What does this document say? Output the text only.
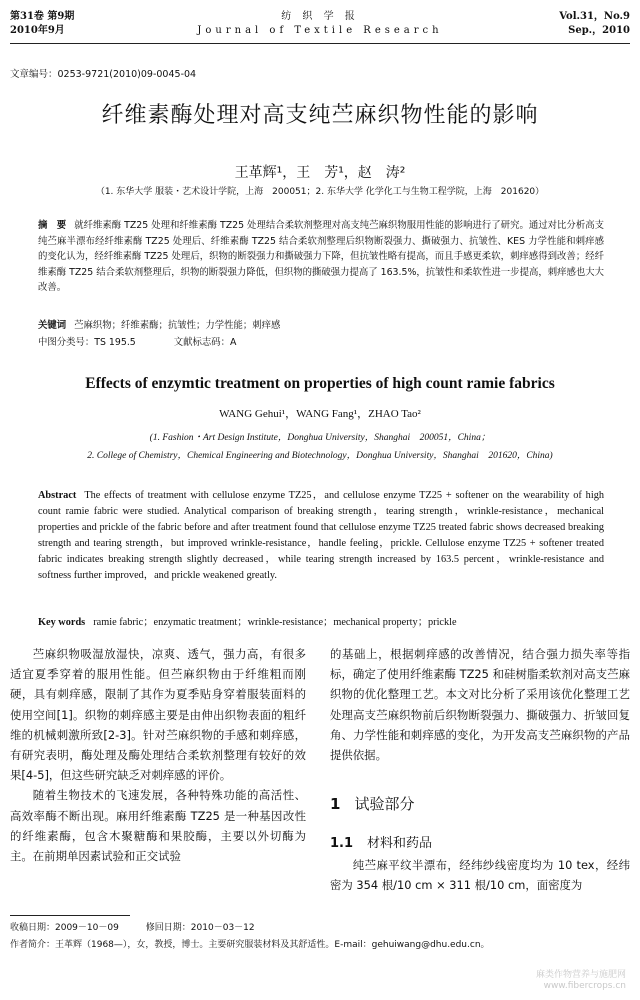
第31卷 第9期
2010年9月
纺 织 学 报
Journal of Textile Research
Vol.31，No.9
Sep.，2010
文章编号：0253-9721(2010)09-0045-04
纤维素酶处理对高支纯苎麻织物性能的影响
王革辉¹，王　芳¹，赵　涛²
（1. 东华大学 服装・艺术设计学院，上海　200051；2. 东华大学 化学化工与生物工程学院，上海　201620）
摘　要 就纤维素酶 TZ25 处理和纤维素酶 TZ25 处理结合柔软剂整理对高支纯苎麻织物服用性能的影响进行了研究。通过对比分析高支纯苎麻半漂布经纤维素酶 TZ25 处理后、纤维素酶 TZ25 结合柔软剂整理后织物断裂强力、撕破强力、抗皱性、KES 力学性能和刺痒感的变化认为，经纤维素酶 TZ25 处理后，织物的断裂强力和撕破强力下降，但抗皱性略有提高，而且手感更柔软，刺痒感得到改善；经纤维素酶 TZ25 结合柔软剂整理后，织物的断裂强力降低，但织物的撕破强力提高了 163.5%，抗皱性和柔软性进一步提高，刺痒感也大大改善。
关键词 苎麻织物；纤维素酶；抗皱性；力学性能；刺痒感
中图分类号：TS 195.5	文献标志码：A
Effects of enzymtic treatment on properties of high count ramie fabrics
WANG Gehui¹，WANG Fang¹，ZHAO Tao²
(1. Fashion・Art Design Institute，Donghua University，Shanghai　200051，China；
2. College of Chemistry，Chemical Engineering and Biotechnology，Donghua University，Shanghai　201620，China)
Abstract The effects of treatment with cellulose enzyme TZ25，and cellulose enzyme TZ25 + softener on the wearability of high count ramie fabric were studied. Analytical comparison of breaking strength，tearing strength，wrinkle-resistance，mechanical properties and prickle of the fabric before and after treatment found that cellulose enzyme TZ25 treated fabric shows decreased breaking strength and tearing strength，but improved wrinkle-resistance，handle feeling，prickle. Cellulose enzyme TZ25 + softener treated fabric indicates breaking strength slightly decreased，while tearing strength increased by 163.5 percent，wrinkle-resistance and softness further improved，and prickle weakened greatly.
Key words ramie fabric；enzymatic treatment；wrinkle-resistance；mechanical property；prickle

苎麻织物吸湿放湿快，凉爽、透气，强力高，有很多适宜夏季穿着的服用性能。但苎麻织物由于纤维粗而刚硬，具有刺痒感，限制了其作为夏季贴身穿着服装面料的使用空间[1]。织物的刺痒感主要是由伸出织物表面的粗纤维的机械刺激所致[2-3]。针对苎麻织物的手感和刺痒感，有研究表明，酶处理及酶处理结合柔软剂整理有较好的效果[4-5]，但这些研究缺乏对刺痒感的评价。

随着生物技术的飞速发展，各种特殊功能的高活性、高效率酶不断出现。麻用纤维素酶 TZ25 是一种基因改性的纤维素酶，包含木聚糖酶和果胶酶，主要以外切酶为主。在前期单因素试验和正交试验

的基础上，根据刺痒感的改善情况，结合强力损失率等指标，确定了使用纤维素酶 TZ25 和硅树脂柔软剂对高支苎麻织物的优化整理工艺。本文对比分析了采用该优化整理工艺处理高支苎麻织物前后织物断裂强力、撕破强力、折皱回复角、力学性能和刺痒感的变化，为开发高支苎麻织物的产品提供依据。

1 试验部分
1.1 材料和药品

纯苎麻平纹半漂布，经纬纱线密度均为 10 tex，经纬密为 354 根/10 cm × 311 根/10 cm，面密度为

收稿日期：2009－10－09　　　修回日期：2010－03－12
作者简介：王革辉（1968—），女，教授，博士。主要研究服装材料及其舒适性。E-mail：gehuiwang@dhu.edu.cn。
麻类作物营养与施肥网
www.fibercrops.cn
